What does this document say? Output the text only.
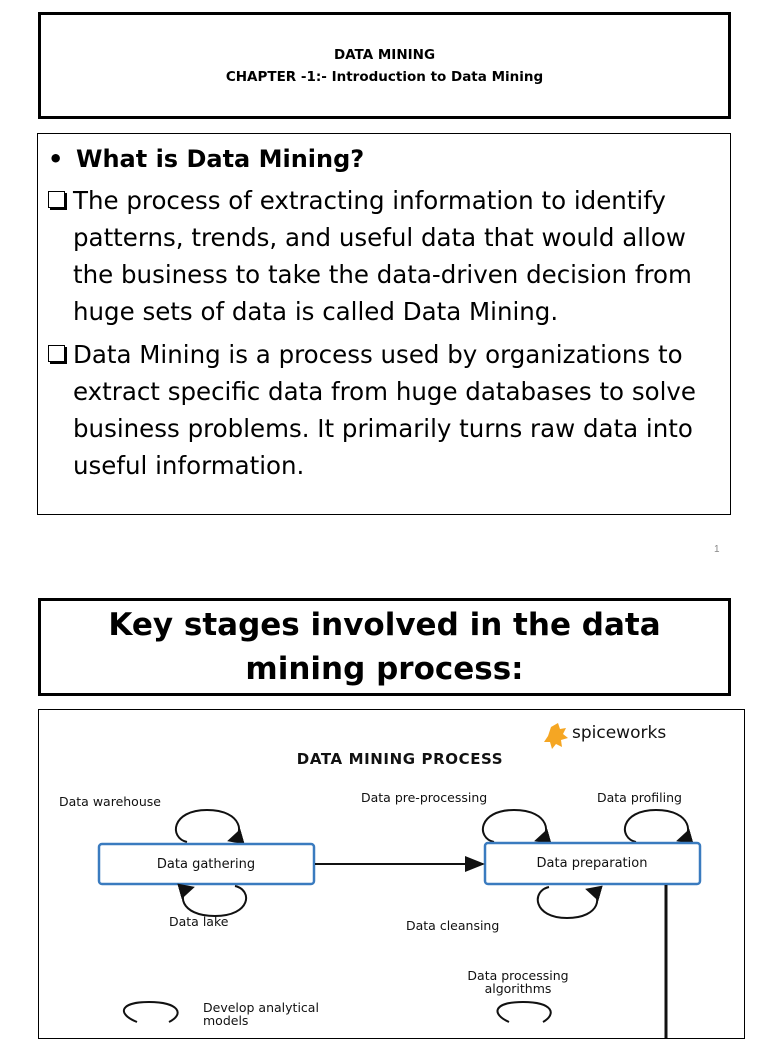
DATA MINING
CHAPTER -1:- Introduction to Data Mining
• What is Data Mining?
The process of extracting information to identify patterns, trends, and useful data that would allow the business to take the data-driven decision from huge sets of data is called Data Mining.
Data Mining is a process used by organizations to extract specific data from huge databases to solve business problems. It primarily turns raw data into useful information.
1
Key stages involved in the data mining process:
spiceworks
DATA MINING PROCESS
Data warehouse	Data pre-processing	Data profiling
Data gathering	Data preparation
Data lake	Data cleansing
Data processing
algorithms
Develop analytical
models
